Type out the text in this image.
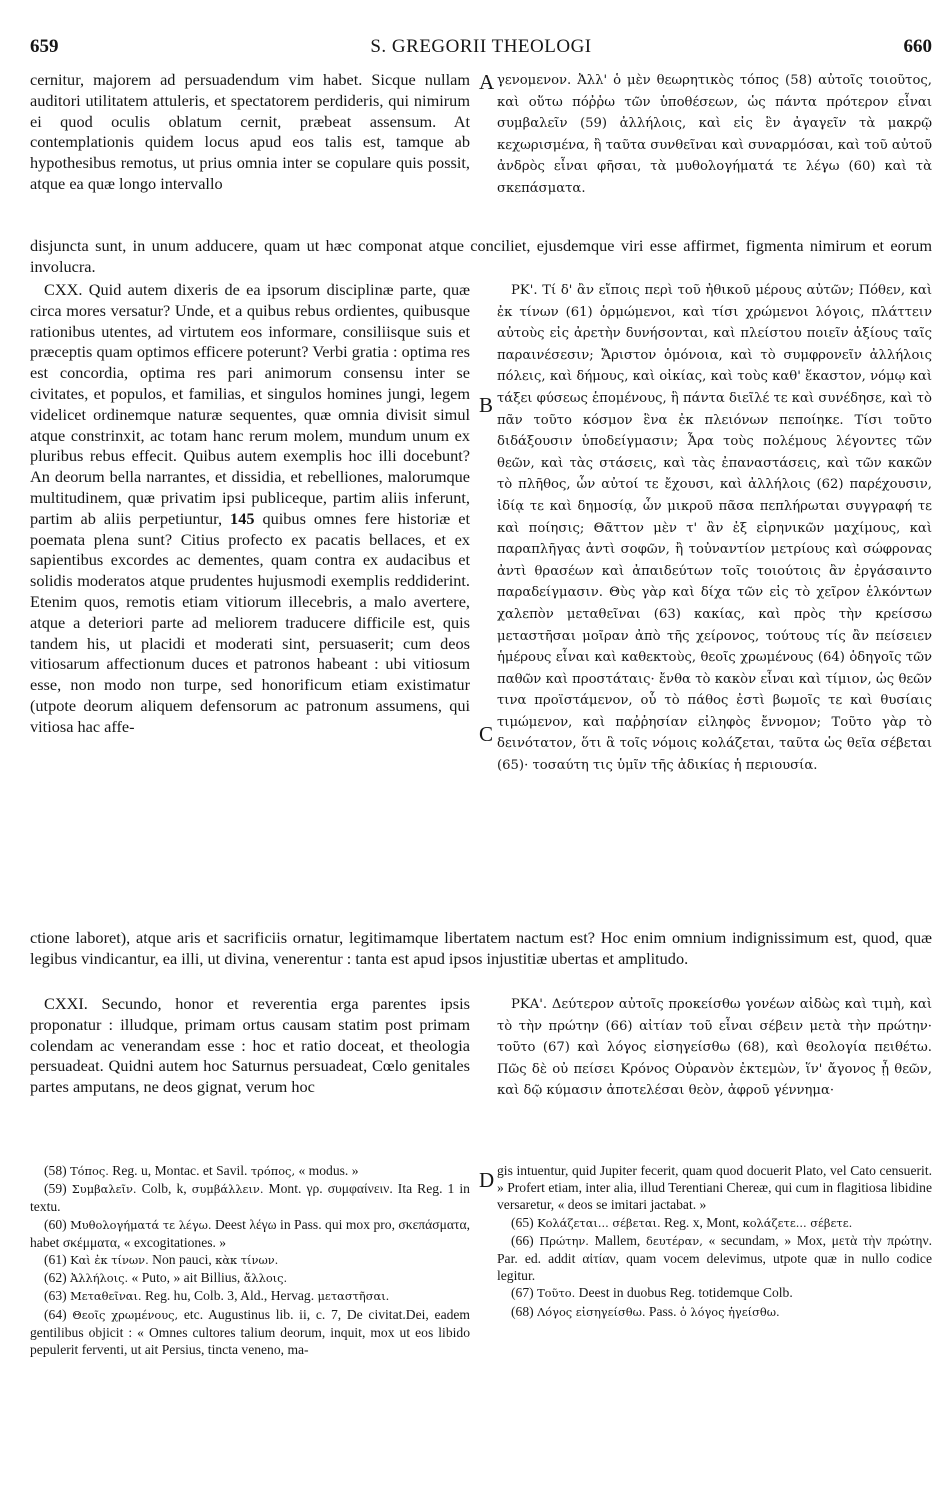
659	S. GREGORII THEOLOGI	660
A
B
C
D

cernitur, majorem ad persuadendum vim habet. Sicque nullam auditori utilitatem attuleris, et spectatorem perdideris, qui nimirum ei quod oculis oblatum cernit, præbeat assensum. At contemplationis quidem locus apud eos talis est, tamque ab hypothesibus remotus, ut prius omnia inter se copulare quis possit, atque ea quæ longo intervallo

γενομενον. Ἀλλ' ὁ μὲν θεωρητικὸς τόπος (58) αὐτοῖς τοιοῦτος, καὶ οὕτω πόῤῥω τῶν ὑποθέσεων, ὡς πάντα πρότερον εἶναι συμβαλεῖν (59) ἀλλήλοις, καὶ εἰς ἓν ἀγαγεῖν τὰ μακρῷ κεχωρισμένα, ἢ ταῦτα συνθεῖναι καὶ συναρμόσαι, καὶ τοῦ αὐτοῦ ἀνδρὸς εἶναι φῆσαι, τὰ μυθολογήματά τε λέγω (60) καὶ τὰ σκεπάσματα.

disjuncta sunt, in unum adducere, quam ut hæc componat atque conciliet, ejusdemque viri esse affirmet, figmenta nimirum et eorum involucra.

CXX. Quid autem dixeris de ea ipsorum disciplinæ parte, quæ circa mores versatur? Unde, et a quibus rebus ordientes, quibusque rationibus utentes, ad virtutem eos informare, consiliisque suis et præceptis quam optimos efficere poterunt? Verbi gratia : optima res est concordia, optima res pari animorum consensu inter se civitates, et populos, et familias, et singulos homines jungi, legem videlicet ordinemque naturæ sequentes, quæ omnia divisit simul atque constrinxit, ac totam hanc rerum molem, mundum unum ex pluribus rebus effecit. Quibus autem exemplis hoc illi docebunt? An deorum bella narrantes, et dissidia, et rebelliones, malorumque multitudinem, quæ privatim ipsi publiceque, partim aliis inferunt, partim ab aliis perpetiuntur, 145 quibus omnes fere historiæ et poemata plena sunt? Citius profecto ex pacatis bellaces, et ex sapientibus excordes ac dementes, quam contra ex audacibus et solidis moderatos atque prudentes hujusmodi exemplis reddiderint. Etenim quos, remotis etiam vitiorum illecebris, a malo avertere, atque a deteriori parte ad meliorem traducere difficile est, quis tandem his, ut placidi et moderati sint, persuaserit; cum deos vitiosarum affectionum duces et patronos habeant : ubi vitiosum esse, non modo non turpe, sed honorificum etiam existimatur (utpote deorum aliquem defensorum ac patronum assumens, qui vitiosa hac affe-

ΡΚ'. Τί δ' ἂν εἴποις περὶ τοῦ ἠθικοῦ μέρους αὐτῶν; Πόθεν, καὶ ἐκ τίνων (61) ὁρμώμενοι, καὶ τίσι χρώμενοι λόγοις, πλάττειν αὐτοὺς εἰς ἀρετὴν δυνήσονται, καὶ πλείστου ποιεῖν ἀξίους ταῖς παραινέσεσιν; Ἄριστον ὁμόνοια, καὶ τὸ συμφρονεῖν ἀλλήλοις πόλεις, καὶ δήμους, καὶ οἰκίας, καὶ τοὺς καθ' ἕκαστον, νόμῳ καὶ τάξει φύσεως ἑπομένους, ἣ πάντα διεῖλέ τε καὶ συνέδησε, καὶ τὸ πᾶν τοῦτο κόσμον ἓνα ἐκ πλειόνων πεποίηκε. Τίσι τοῦτο διδάξουσιν ὑποδείγμασιν; Ἆρα τοὺς πολέμους λέγοντες τῶν θεῶν, καὶ τὰς στάσεις, καὶ τὰς ἐπαναστάσεις, καὶ τῶν κακῶν τὸ πλῆθος, ὧν αὐτοί τε ἔχουσι, καὶ ἀλλήλοις (62) παρέχουσιν, ἰδίᾳ τε καὶ δημοσίᾳ, ὧν μικροῦ πᾶσα πεπλήρωται συγγραφή τε καὶ ποίησις; Θᾶττον μὲν τ' ἂν ἐξ εἰρηνικῶν μαχίμους, καὶ παραπλῆγας ἀντὶ σοφῶν, ἢ τοὐναντίον μετρίους καὶ σώφρονας ἀντὶ θρασέων καὶ ἀπαιδεύτων τοῖς τοιούτοις ἂν ἐργάσαιντο παραδείγμασιν. Θὺς γὰρ καὶ δίχα τῶν εἰς τὸ χεῖρον ἑλκόντων χαλεπὸν μεταθεῖναι (63) κακίας, καὶ πρὸς τὴν κρείσσω μεταστῆσαι μοῖραν ἀπὸ τῆς χείρονος, τούτους τίς ἂν πείσειεν ἡμέρους εἶναι καὶ καθεκτοὺς, θεοῖς χρωμένους (64) ὁδηγοῖς τῶν παθῶν καὶ προστάταις· ἔνθα τὸ κακὸν εἶναι καὶ τίμιον, ὡς θεῶν τινα προϊστάμενον, οὗ τὸ πάθος ἐστὶ βωμοῖς τε καὶ θυσίαις τιμώμενον, καὶ παῤῥησίαν εἰληφὸς ἔννομον; Τοῦτο γὰρ τὸ δεινότατον, ὅτι ἃ τοῖς νόμοις κολάζεται, ταῦτα ὡς θεῖα σέβεται (65)· τοσαύτη τις ὑμῖν τῆς ἀδικίας ἡ περιουσία.

ctione laboret), atque aris et sacrificiis ornatur, legitimamque libertatem nactum est? Hoc enim omnium indignissimum est, quod, quæ legibus vindicantur, ea illi, ut divina, venerentur : tanta est apud ipsos injustitiæ ubertas et amplitudo.

CXXI. Secundo, honor et reverentia erga parentes ipsis proponatur : illudque, primam ortus causam statim post primam colendam ac venerandam esse : hoc et ratio doceat, et theologia persuadeat. Quidni autem hoc Saturnus persuadeat, Cœlo genitales partes amputans, ne deos gignat, verum hoc

ΡΚΑ'. Δεύτερον αὐτοῖς προκείσθω γονέων αἰδὼς καὶ τιμὴ, καὶ τὸ τὴν πρώτην (66) αἰτίαν τοῦ εἶναι σέβειν μετὰ τὴν πρώτην· τοῦτο (67) καὶ λόγος εἰσηγείσθω (68), καὶ θεολογία πειθέτω. Πῶς δὲ οὐ πείσει Κρόνος Οὐρανὸν ἐκτεμὼν, ἵν' ἄγονος ᾖ θεῶν, καὶ δῷ κύμασιν ἀποτελέσαι θεὸν, ἀφροῦ γέννημα·

(58) Τόπος. Reg. u, Montac. et Savil. τρόπος, « modus. »
(59) Συμβαλεῖν. Colb, k, συμβάλλειν. Mont. γρ. συμφαίνειν. Ita Reg. 1 in textu.
(60) Μυθολογήματά τε λέγω. Deest λέγω in Pass. qui mox pro, σκεπάσματα, habet σκέμματα, « excogitationes. »
(61) Καὶ ἐκ τίνων. Non pauci, κὰκ τίνων.
(62) Ἀλλήλοις. « Puto, » ait Billius, ἄλλοις.
(63) Μεταθεῖναι. Reg. hu, Colb. 3, Ald., Hervag. μεταστῆσαι.
(64) Θεοῖς χρωμένους, etc. Augustinus lib. ii, c. 7, De civitat.Dei, eadem gentilibus objicit : « Omnes cultores talium deorum, inquit, mox ut eos libido pepulerit ferventi, ut ait Persius, tincta veneno, ma-
gis intuentur, quid Jupiter fecerit, quam quod docuerit Plato, vel Cato censuerit. » Profert etiam, inter alia, illud Terentiani Chereæ, qui cum in flagitiosa libidine versaretur, « deos se imitari jactabat. »
(65) Κολάζεται... σέβεται. Reg. x, Mont, κολάζετε... σέβετε.
(66) Πρώτην. Mallem, δευτέραν, « secundam, » Mox, μετὰ τὴν πρώτην. Par. ed. addit αἰτίαν, quam vocem delevimus, utpote quæ in nullo codice legitur.
(67) Τοῦτο. Deest in duobus Reg. totidemque Colb.
(68) Λόγος εἰσηγείσθω. Pass. ὁ λόγος ἡγείσθω.
